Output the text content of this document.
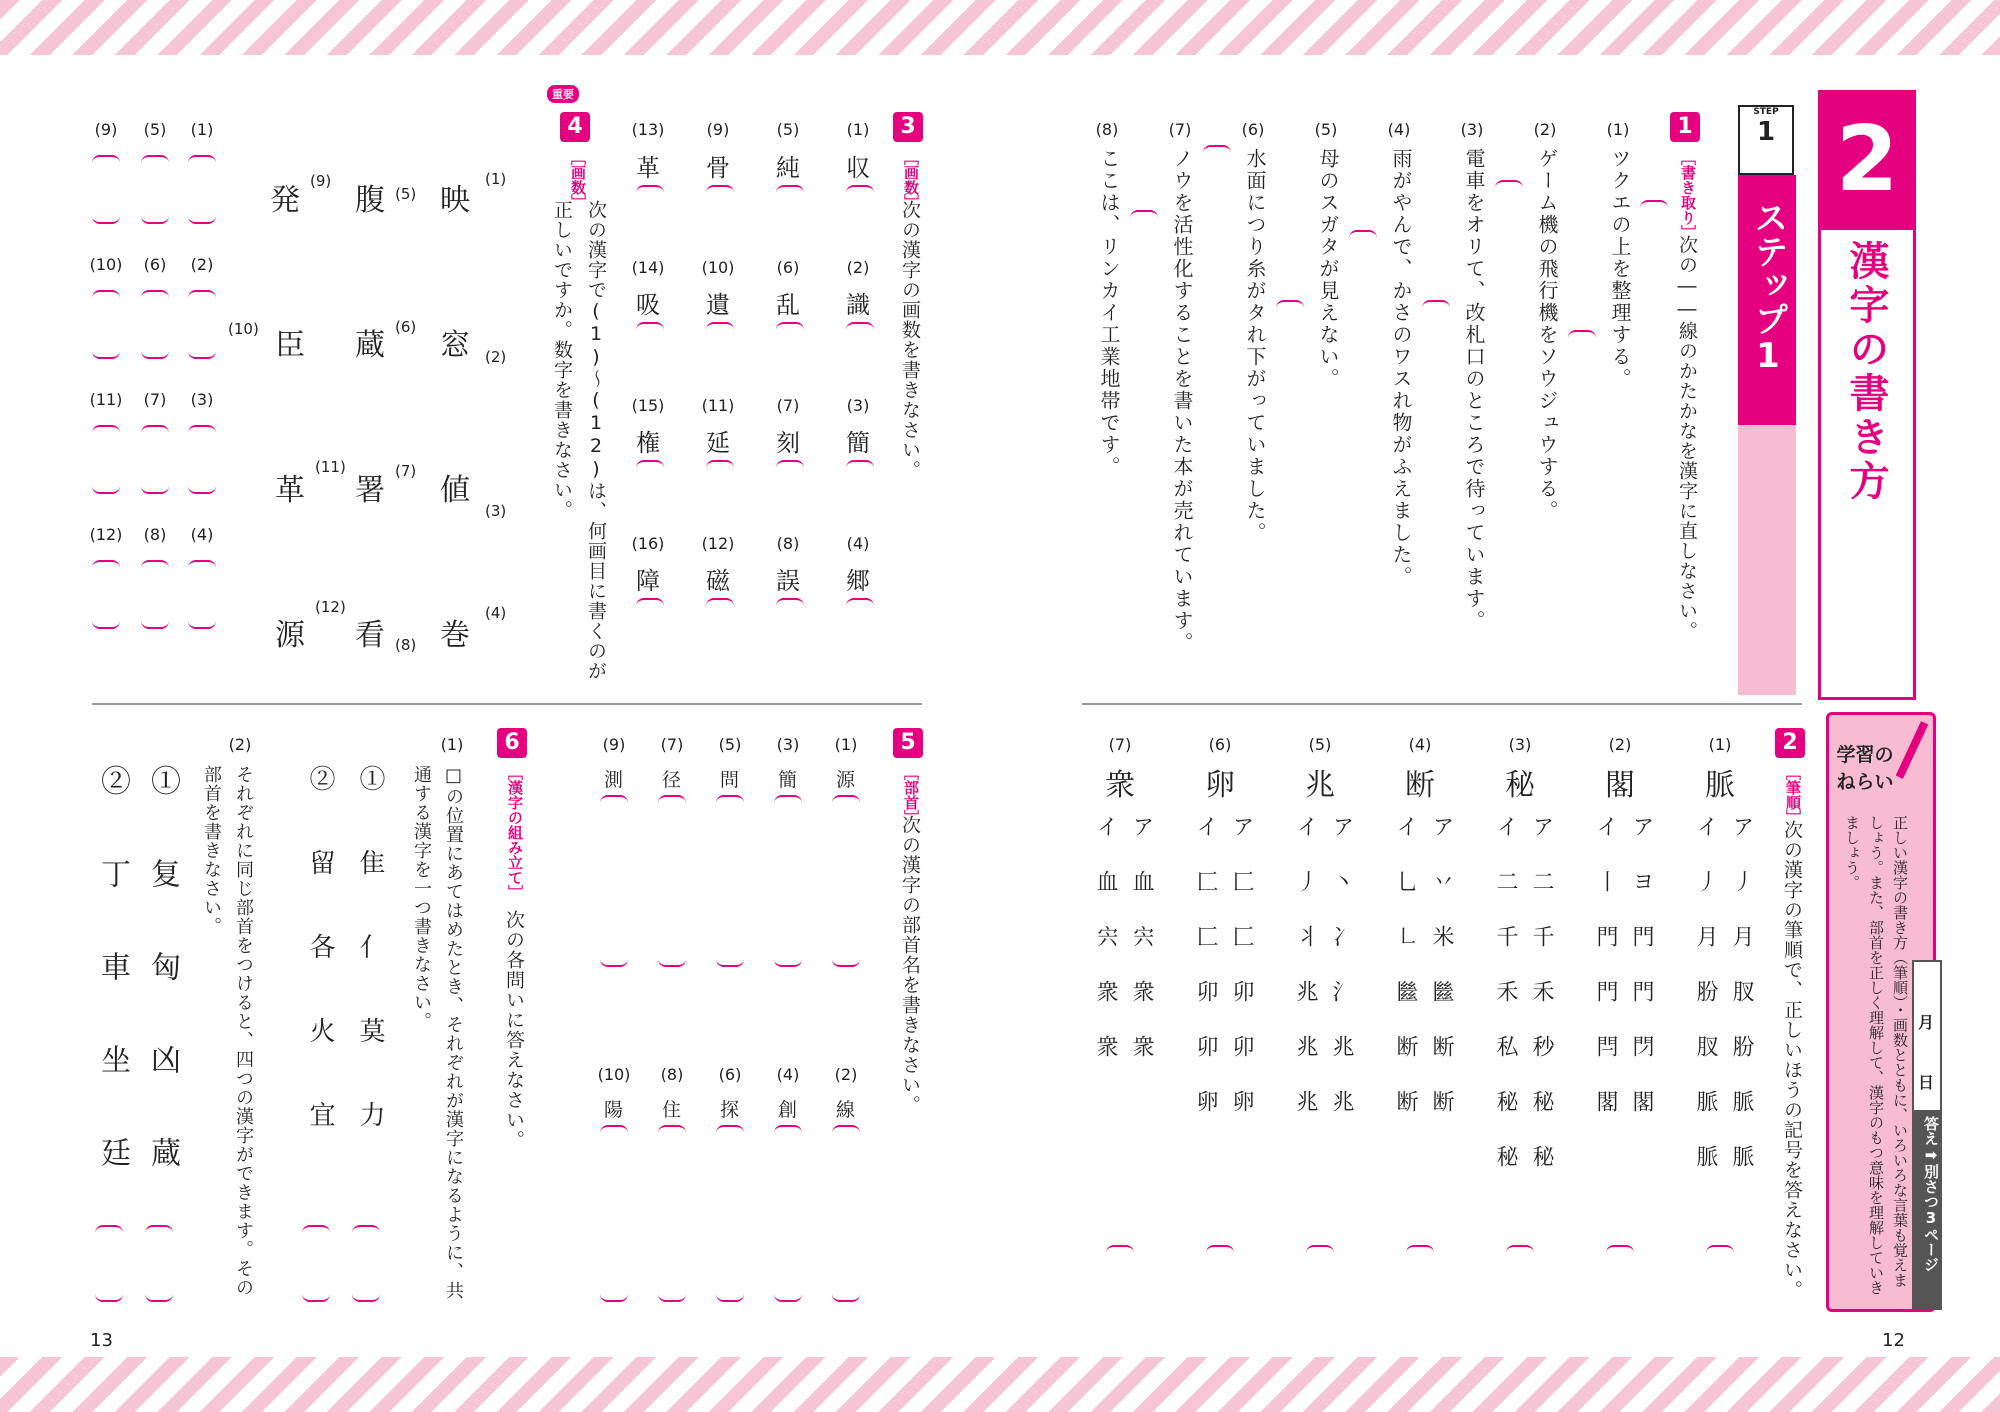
2
漢字の書き方
STEP
1
ステップ1
学習のねらい
正しい漢字の書き方（筆順）・画数とともに、いろいろな言葉も覚えましょう。また、部首を正しく理解して、漢字のもつ意味を理解していきましょう。
月
日
答え➡別さつ3ページ
1
［書き取り］
次の――線のかたかなを漢字に直しなさい。
(1)
ツクエの上を整理する。
(2)
ゲーム機の飛行機をソウジュウする。
(3)
電車をオリて、改札口のところで待っています。
(4)
雨がやんで、かさのワスれ物がふえました。
(5)
母のスガタが見えない。
(6)
水面につり糸がタれ下がっていました。
(7)
ノウを活性化することを書いた本が売れています。
(8)
ここは、リンカイ工業地帯です。
2
［筆順］
次の漢字の筆順で、正しいほうの記号を答えなさい。
(1)
脈
ア 丿 月 肞 肦 脈 脈
イ 丿 月 肦 肞 脈 脈
(2)
閣
ア ヨ 門 門 閁 閣
イ 丨 門 門 閂 閣
(3)
秘
ア 二 千 禾 秒 秘 秘
イ 二 千 禾 私 秘 秘
(4)
断
ア 丷 米 㡭 断 断
イ 乚 ㇗ 㡭 断 断
(5)
兆
ア 丶 冫 氵 兆 兆
イ 丿 丬 兆 兆 兆
(6)
卵
ア 匚 匚 卯 卯 卵
イ 匚 匚 卯 卯 卵
(7)
衆
ア 血 宍 衆 衆
イ 血 宍 衆 衆
3
［画数］
次の漢字の画数を書きなさい。
(1)
収
(2)
識
(3)
簡
(4)
郷
(5)
純
(6)
乱
(7)
刻
(8)
誤
(9)
骨
(10)
遺
(11)
延
(12)
磁
(13)
革
(14)
吸
(15)
権
(16)
障
重要
4
［画数］
次の漢字で(1)〜(12)は、何画目に書くのが正しいですか。数字を書きなさい。
映
(1)
窓 (2)
値
(3)
巻
(4)
腹 (5)
蔵
(6)
署
(7)
看 (8)
発
(9)
臣
(10)
革
(11)
源
(12)
(1)
(2)
(3)
(4)
(5)
(6)
(7)
(8)
(9)
(10)
(11)
(12)
5
［部首］
次の漢字の部首名を書きなさい。
(1)
源
(2)
線
(3)
簡
(4)
創
(5)
問
(6)
探
(7)
径
(8)
住
(9)
測
(10)
陽
6
［漢字の組み立て］
次の各問いに答えなさい。
(1)
□の位置にあてはめたとき、それぞれが漢字になるように、共通する漢字を一つ書きなさい。
① 隹 亻 莫 力
② 留 各 火 宜
(2)
それぞれに同じ部首をつけると、四つの漢字ができます。その部首を書きなさい。
① 复 匈 凶 蔵
② 丁 車 坐 廷
13	12
